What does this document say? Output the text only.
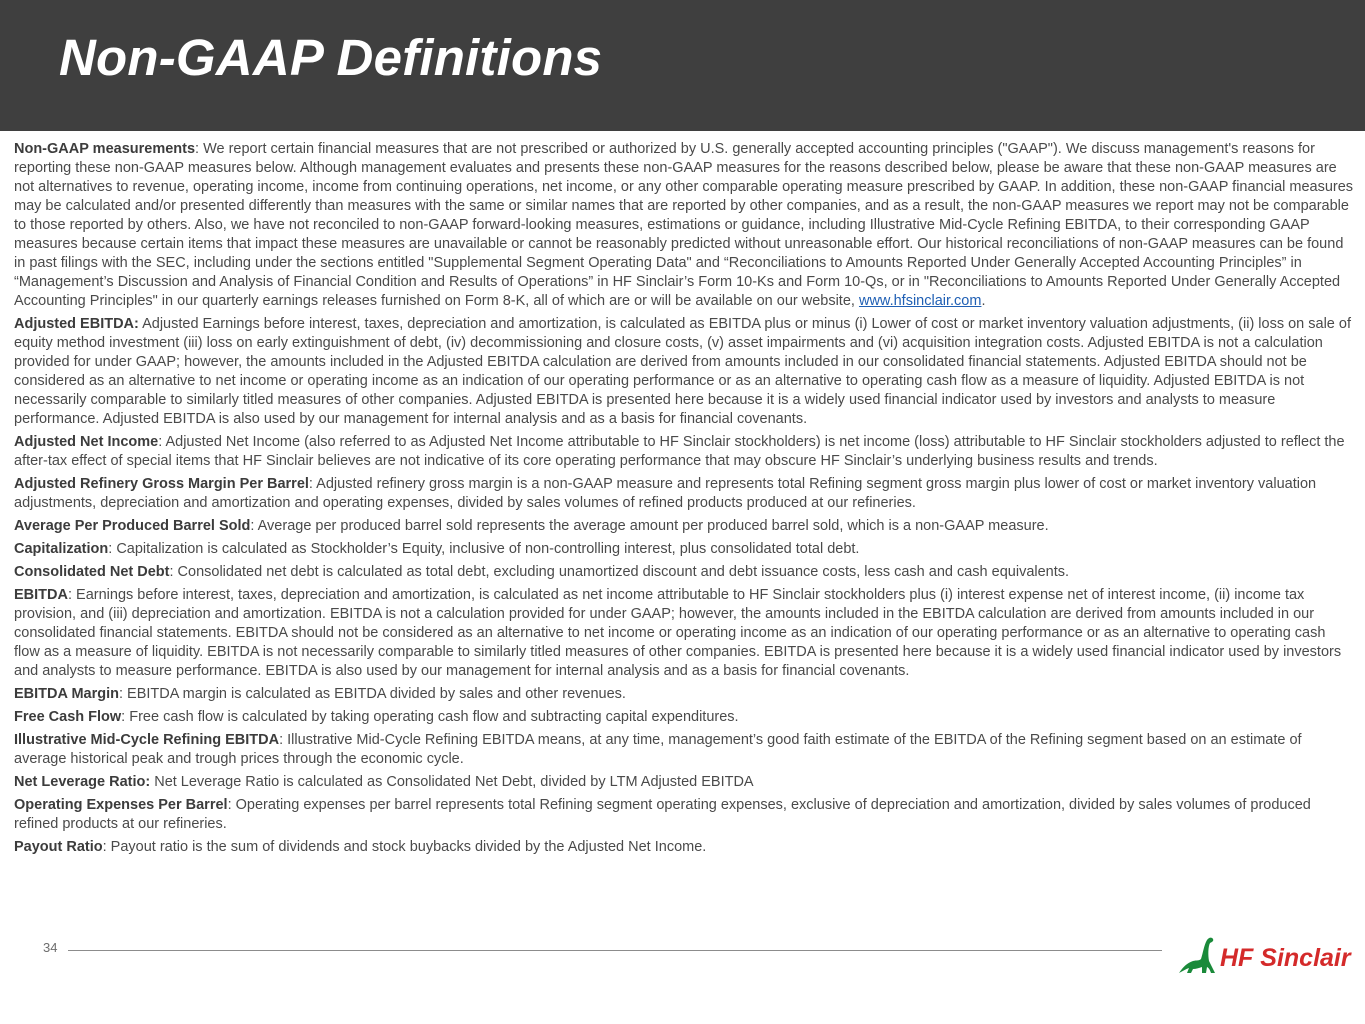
Non-GAAP Definitions

Non-GAAP measurements: We report certain financial measures that are not prescribed or authorized by U.S. generally accepted accounting principles ("GAAP"). We discuss management's reasons for reporting these non-GAAP measures below. Although management evaluates and presents these non-GAAP measures for the reasons described below, please be aware that these non-GAAP measures are not alternatives to revenue, operating income, income from continuing operations, net income, or any other comparable operating measure prescribed by GAAP. In addition, these non-GAAP financial measures may be calculated and/or presented differently than measures with the same or similar names that are reported by other companies, and as a result, the non-GAAP measures we report may not be comparable to those reported by others. Also, we have not reconciled to non-GAAP forward-looking measures, estimations or guidance, including Illustrative Mid-Cycle Refining EBITDA, to their corresponding GAAP measures because certain items that impact these measures are unavailable or cannot be reasonably predicted without unreasonable effort. Our historical reconciliations of non-GAAP measures can be found in past filings with the SEC, including under the sections entitled "Supplemental Segment Operating Data" and “Reconciliations to Amounts Reported Under Generally Accepted Accounting Principles” in “Management’s Discussion and Analysis of Financial Condition and Results of Operations” in HF Sinclair’s Form 10-Ks and Form 10-Qs, or in "Reconciliations to Amounts Reported Under Generally Accepted Accounting Principles" in our quarterly earnings releases furnished on Form 8-K, all of which are or will be available on our website, www.hfsinclair.com.

Adjusted EBITDA: Adjusted Earnings before interest, taxes, depreciation and amortization, is calculated as EBITDA plus or minus (i) Lower of cost or market inventory valuation adjustments, (ii) loss on sale of equity method investment (iii) loss on early extinguishment of debt, (iv) decommissioning and closure costs, (v) asset impairments and (vi) acquisition integration costs. Adjusted EBITDA is not a calculation provided for under GAAP; however, the amounts included in the Adjusted EBITDA calculation are derived from amounts included in our consolidated financial statements. Adjusted EBITDA should not be considered as an alternative to net income or operating income as an indication of our operating performance or as an alternative to operating cash flow as a measure of liquidity. Adjusted EBITDA is not necessarily comparable to similarly titled measures of other companies. Adjusted EBITDA is presented here because it is a widely used financial indicator used by investors and analysts to measure performance. Adjusted EBITDA is also used by our management for internal analysis and as a basis for financial covenants.

Adjusted Net Income: Adjusted Net Income (also referred to as Adjusted Net Income attributable to HF Sinclair stockholders) is net income (loss) attributable to HF Sinclair stockholders adjusted to reflect the after-tax effect of special items that HF Sinclair believes are not indicative of its core operating performance that may obscure HF Sinclair’s underlying business results and trends.

Adjusted Refinery Gross Margin Per Barrel: Adjusted refinery gross margin is a non-GAAP measure and represents total Refining segment gross margin plus lower of cost or market inventory valuation adjustments, depreciation and amortization and operating expenses, divided by sales volumes of refined products produced at our refineries.

Average Per Produced Barrel Sold: Average per produced barrel sold represents the average amount per produced barrel sold, which is a non-GAAP measure.

Capitalization: Capitalization is calculated as Stockholder’s Equity, inclusive of non-controlling interest, plus consolidated total debt.

Consolidated Net Debt: Consolidated net debt is calculated as total debt, excluding unamortized discount and debt issuance costs, less cash and cash equivalents.

EBITDA: Earnings before interest, taxes, depreciation and amortization, is calculated as net income attributable to HF Sinclair stockholders plus (i) interest expense net of interest income, (ii) income tax provision, and (iii) depreciation and amortization. EBITDA is not a calculation provided for under GAAP; however, the amounts included in the EBITDA calculation are derived from amounts included in our consolidated financial statements. EBITDA should not be considered as an alternative to net income or operating income as an indication of our operating performance or as an alternative to operating cash flow as a measure of liquidity. EBITDA is not necessarily comparable to similarly titled measures of other companies. EBITDA is presented here because it is a widely used financial indicator used by investors and analysts to measure performance. EBITDA is also used by our management for internal analysis and as a basis for financial covenants.

EBITDA Margin: EBITDA margin is calculated as EBITDA divided by sales and other revenues.

Free Cash Flow: Free cash flow is calculated by taking operating cash flow and subtracting capital expenditures.

Illustrative Mid-Cycle Refining EBITDA: Illustrative Mid-Cycle Refining EBITDA means, at any time, management’s good faith estimate of the EBITDA of the Refining segment based on an estimate of average historical peak and trough prices through the economic cycle.

Net Leverage Ratio: Net Leverage Ratio is calculated as Consolidated Net Debt, divided by LTM Adjusted EBITDA

Operating Expenses Per Barrel: Operating expenses per barrel represents total Refining segment operating expenses, exclusive of depreciation and amortization, divided by sales volumes of produced refined products at our refineries.

Payout Ratio: Payout ratio is the sum of dividends and stock buybacks divided by the Adjusted Net Income.

34	HF Sinclair
